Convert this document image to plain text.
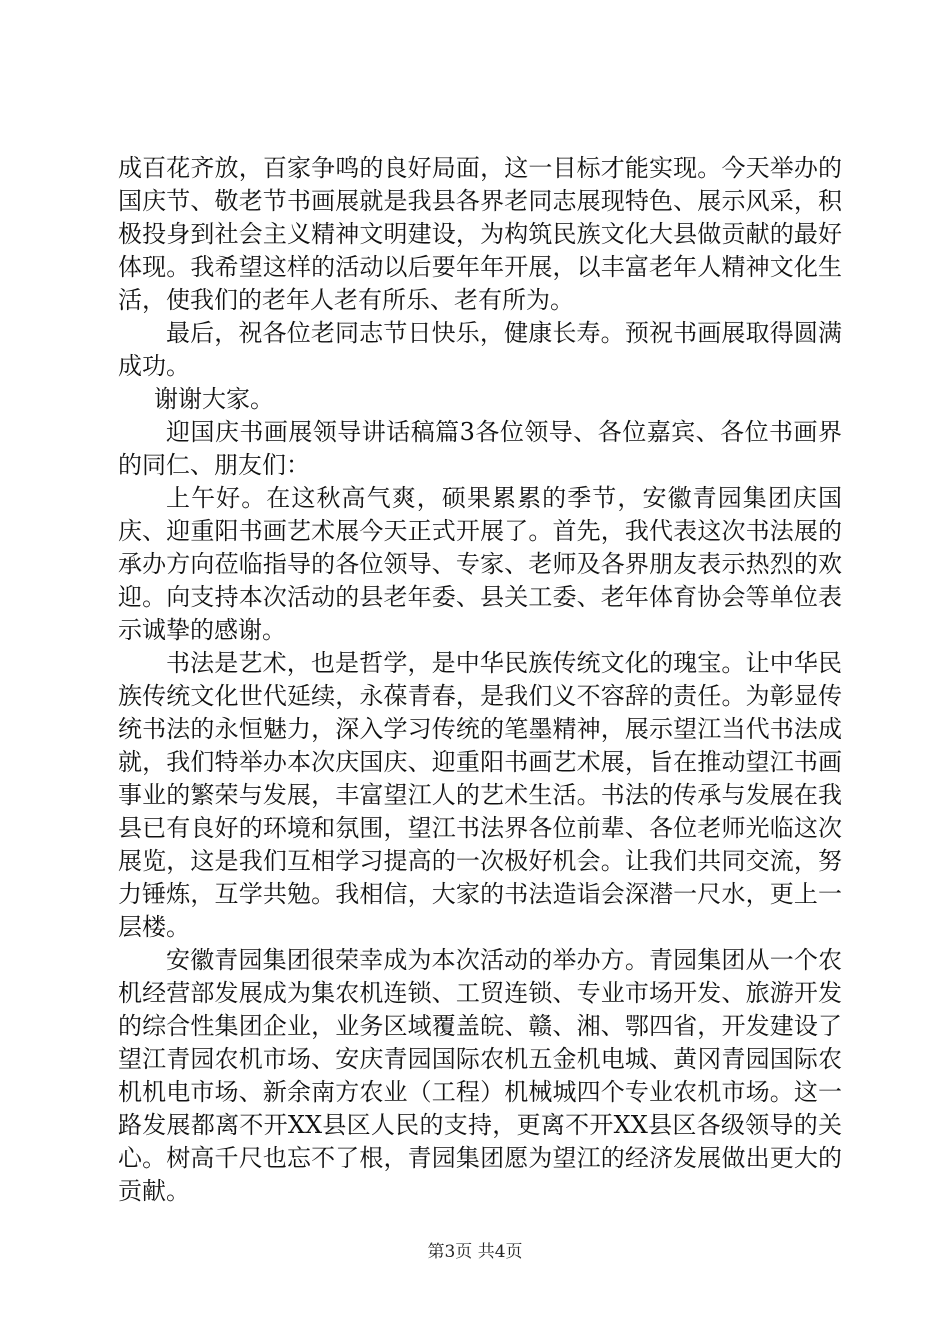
成百花齐放，百家争鸣的良好局面，这一目标才能实现。今天举办的国庆节、敬老节书画展就是我县各界老同志展现特色、展示风采，积极投身到社会主义精神文明建设，为构筑民族文化大县做贡献的最好体现。我希望这样的活动以后要年年开展，以丰富老年人精神文化生活，使我们的老年人老有所乐、老有所为。

最后，祝各位老同志节日快乐，健康长寿。预祝书画展取得圆满成功。

谢谢大家。

迎国庆书画展领导讲话稿篇3各位领导、各位嘉宾、各位书画界的同仁、朋友们：

上午好。在这秋高气爽，硕果累累的季节，安徽青园集团庆国庆、迎重阳书画艺术展今天正式开展了。首先，我代表这次书法展的承办方向莅临指导的各位领导、专家、老师及各界朋友表示热烈的欢迎。向支持本次活动的县老年委、县关工委、老年体育协会等单位表示诚挚的感谢。

书法是艺术，也是哲学，是中华民族传统文化的瑰宝。让中华民族传统文化世代延续，永葆青春，是我们义不容辞的责任。为彰显传统书法的永恒魅力，深入学习传统的笔墨精神，展示望江当代书法成就，我们特举办本次庆国庆、迎重阳书画艺术展，旨在推动望江书画事业的繁荣与发展，丰富望江人的艺术生活。书法的传承与发展在我县已有良好的环境和氛围，望江书法界各位前辈、各位老师光临这次展览，这是我们互相学习提高的一次极好机会。让我们共同交流，努力锤炼，互学共勉。我相信，大家的书法造诣会深潜一尺水，更上一层楼。

安徽青园集团很荣幸成为本次活动的举办方。青园集团从一个农机经营部发展成为集农机连锁、工贸连锁、专业市场开发、旅游开发的综合性集团企业，业务区域覆盖皖、赣、湘、鄂四省，开发建设了望江青园农机市场、安庆青园国际农机五金机电城、黄冈青园国际农机机电市场、新余南方农业（工程）机械城四个专业农机市场。这一路发展都离不开XX县区人民的支持，更离不开XX县区各级领导的关心。树高千尺也忘不了根，青园集团愿为望江的经济发展做出更大的贡献。

第3页 共4页
